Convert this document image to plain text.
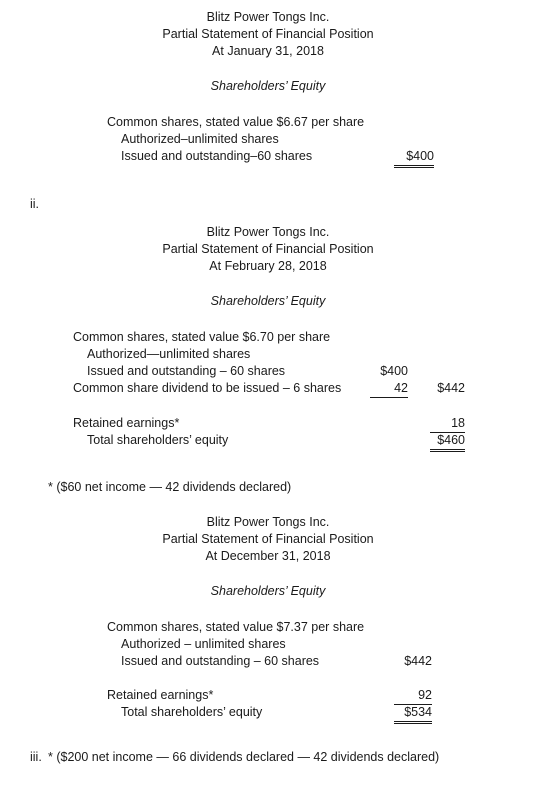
Blitz Power Tongs Inc.
Partial Statement of Financial Position
At January 31, 2018
Shareholders’ Equity
Common shares, stated value $6.67 per share
Authorized–unlimited shares
Issued and outstanding–60 shares	$400
ii.
Blitz Power Tongs Inc.
Partial Statement of Financial Position
At February 28, 2018
Shareholders’ Equity
Common shares, stated value $6.70 per share
Authorized—unlimited shares
Issued and outstanding – 60 shares	$400
Common share dividend to be issued – 6 shares	42	$442
Retained earnings*	18
Total shareholders’ equity	$460
* ($60 net income — 42 dividends declared)
Blitz Power Tongs Inc.
Partial Statement of Financial Position
At December 31, 2018
Shareholders’ Equity
Common shares, stated value $7.37 per share
Authorized – unlimited shares
Issued and outstanding – 60 shares	$442
Retained earnings*	92
Total shareholders’ equity	$534
iii. * ($200 net income — 66 dividends declared — 42 dividends declared)
